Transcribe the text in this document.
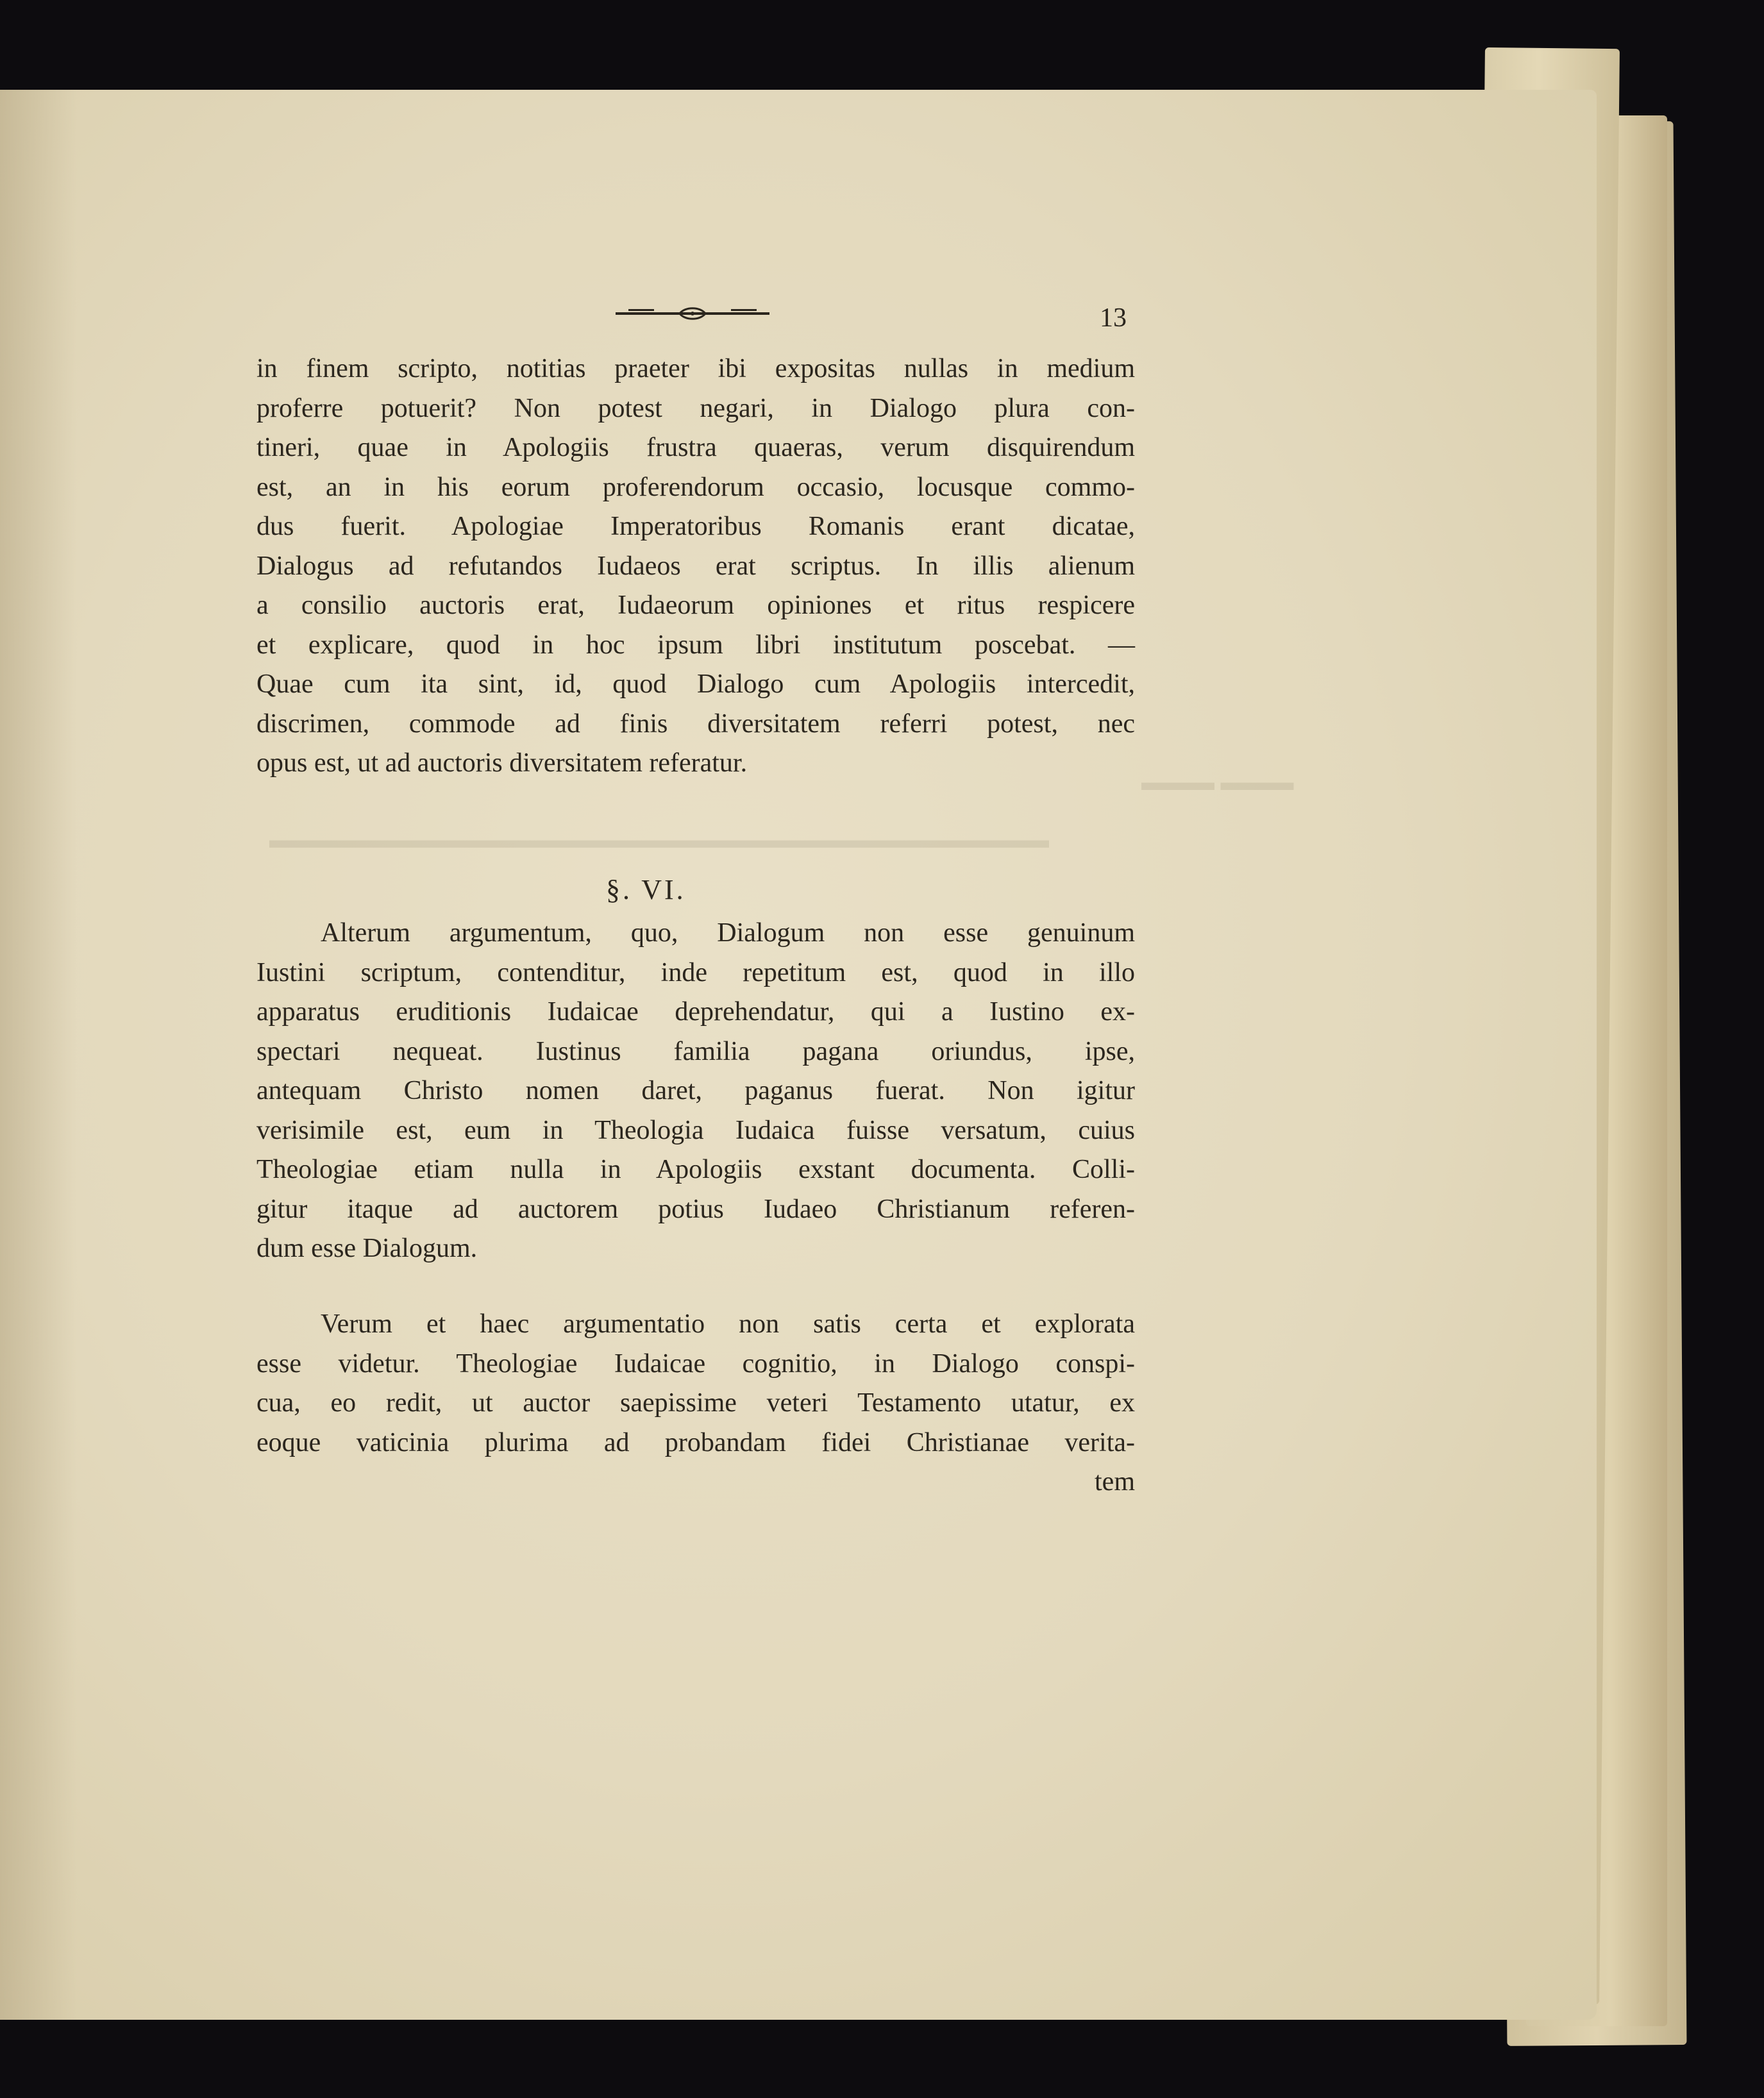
▬▬▬ ▬▬▬
▬▬▬▬▬▬▬▬▬▬▬▬▬▬▬▬▬▬▬▬▬▬▬▬▬▬▬▬▬▬▬▬
13
in finem scripto, notitias praeter ibi expositas nullas in medium
proferre potuerit? Non potest negari, in Dialogo plura con-
tineri, quae in Apologiis frustra quaeras, verum disquirendum
est, an in his eorum proferendorum occasio, locusque commo-
dus fuerit. Apologiae Imperatoribus Romanis erant dicatae,
Dialogus ad refutandos Iudaeos erat scriptus. In illis alienum
a consilio auctoris erat, Iudaeorum opiniones et ritus respicere
et explicare, quod in hoc ipsum libri institutum poscebat. —
Quae cum ita sint, id, quod Dialogo cum Apologiis intercedit,
discrimen, commode ad finis diversitatem referri potest, nec
opus est, ut ad auctoris diversitatem referatur.
§. VI.
Alterum argumentum, quo, Dialogum non esse genuinum
Iustini scriptum, contenditur, inde repetitum est, quod in illo
apparatus eruditionis Iudaicae deprehendatur, qui a Iustino ex-
spectari nequeat. Iustinus familia pagana oriundus, ipse,
antequam Christo nomen daret, paganus fuerat. Non igitur
verisimile est, eum in Theologia Iudaica fuisse versatum, cuius
Theologiae etiam nulla in Apologiis exstant documenta. Colli-
gitur itaque ad auctorem potius Iudaeo Christianum referen-
dum esse Dialogum.
Verum et haec argumentatio non satis certa et explorata
esse videtur. Theologiae Iudaicae cognitio, in Dialogo conspi-
cua, eo redit, ut auctor saepissime veteri Testamento utatur, ex
eoque vaticinia plurima ad probandam fidei Christianae verita-
tem
